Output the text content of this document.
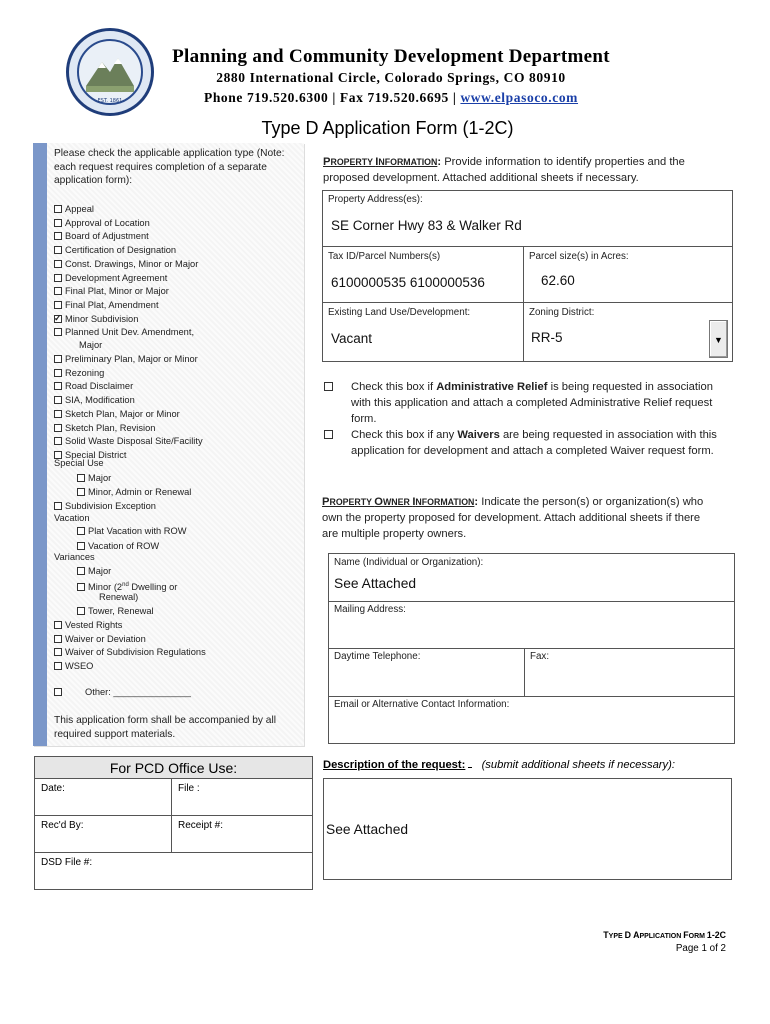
EST. 1861
Planning and Community Development Department
2880 International Circle, Colorado Springs, CO 80910
Phone 719.520.6300 | Fax 719.520.6695 | www.elpasoco.com
Type D Application Form (1-2C)
Please check the applicable application type (Note: each request requires completion of a separate application form):
Appeal
Approval of Location
Board of Adjustment
Certification of Designation
Const. Drawings, Minor or Major
Development Agreement
Final Plat, Minor or Major
Final Plat, Amendment
✓Minor Subdivision
Planned Unit Dev. Amendment,
Preliminary Plan, Major or Minor
Rezoning
Road Disclaimer
SIA, Modification
Sketch Plan, Major or Minor
Sketch Plan, Revision
Solid Waste Disposal Site/Facility
Special District
Major
Special Use
Major
Minor, Admin or Renewal
Subdivision Exception
Vacation
Plat Vacation with ROW
Vacation of ROW
Variances
Major
Minor (2nd Dwelling or
Renewal)
Tower, Renewal
Vested Rights
Waiver or Deviation
Waiver of Subdivision Regulations
WSEO
Other: _______________
This application form shall be accompanied by all required support materials.
For PCD Office Use:
Date:	File :
Rec'd By:	Receipt #:
DSD File #:
PROPERTY INFORMATION: Provide information to identify properties and the proposed development. Attached additional sheets if necessary.
Property Address(es):
SE Corner Hwy 83 & Walker Rd
Tax ID/Parcel Numbers(s)
6100000535 6100000536
Parcel size(s) in Acres:
62.60
Existing Land Use/Development:
Vacant
Zoning District:
RR-5	▼
Check this box if Administrative Relief is being requested in association with this application and attach a completed Administrative Relief request form.
Check this box if any Waivers are being requested in association with this application for development and attach a completed Waiver request form.
PROPERTY OWNER INFORMATION: Indicate the person(s) or organization(s) who own the property proposed for development. Attach additional sheets if there are multiple property owners.
Name (Individual or Organization):
See Attached
Mailing Address:
Daytime Telephone:	Fax:
Email or Alternative Contact Information:
Description of the request: (submit additional sheets if necessary):
See Attached
TYPE D APPLICATION FORM 1-2C
Page 1 of 2
